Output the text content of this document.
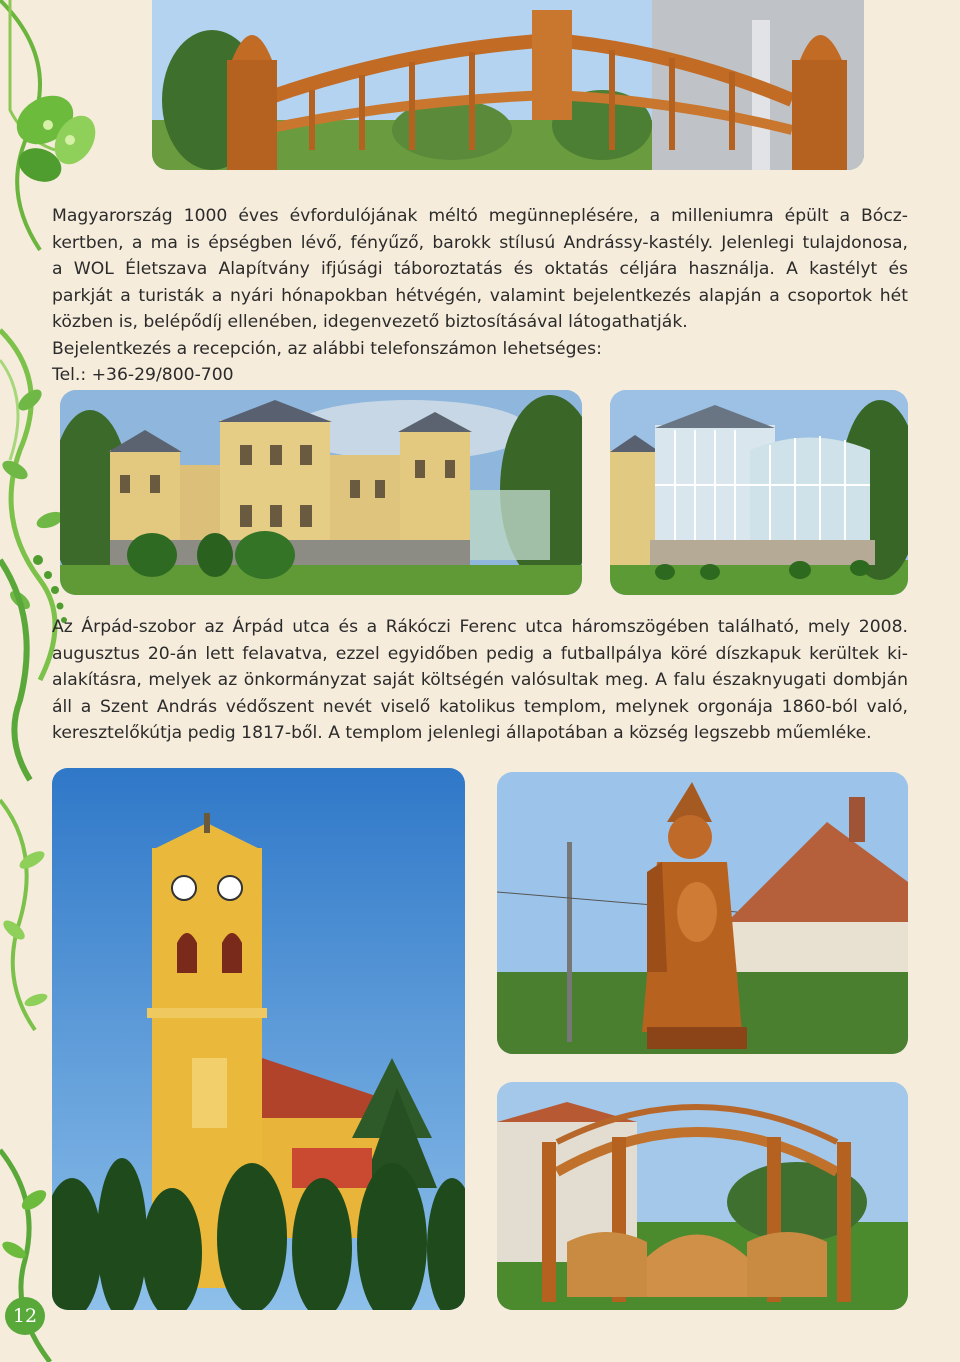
Magyarország 1000 éves évfordulójának méltó megünneplésére, a milleniumra épült a Bócz-
kertben, a ma is épségben lévő, fényűző, barokk stílusú Andrássy-kastély. Jelenlegi tulajdonosa,
a WOL Életszava Alapítvány ifjúsági táboroztatás és oktatás céljára használja. A kastélyt és
parkját a turisták a nyári hónapokban hétvégén, valamint bejelentkezés alapján a csoportok hét
közben is, belépődíj ellenében, idegenvezető biztosításával látogathatják.
Bejelentkezés a recepción, az alábbi telefonszámon lehetséges:
Tel.: +36-29/800-700
Az Árpád-szobor az Árpád utca és a Rákóczi Ferenc utca háromszögében található, mely 2008.
augusztus 20-án lett felavatva, ezzel egyidőben pedig a futballpálya köré díszkapuk kerültek ki-
alakításra, melyek az önkormányzat saját költségén valósultak meg. A falu északnyugati dombján
áll a Szent András védőszent nevét viselő katolikus templom, melynek orgonája 1860-ból való,
keresztelőkútja pedig 1817-ből. A templom jelenlegi állapotában a község legszebb műemléke.
12
